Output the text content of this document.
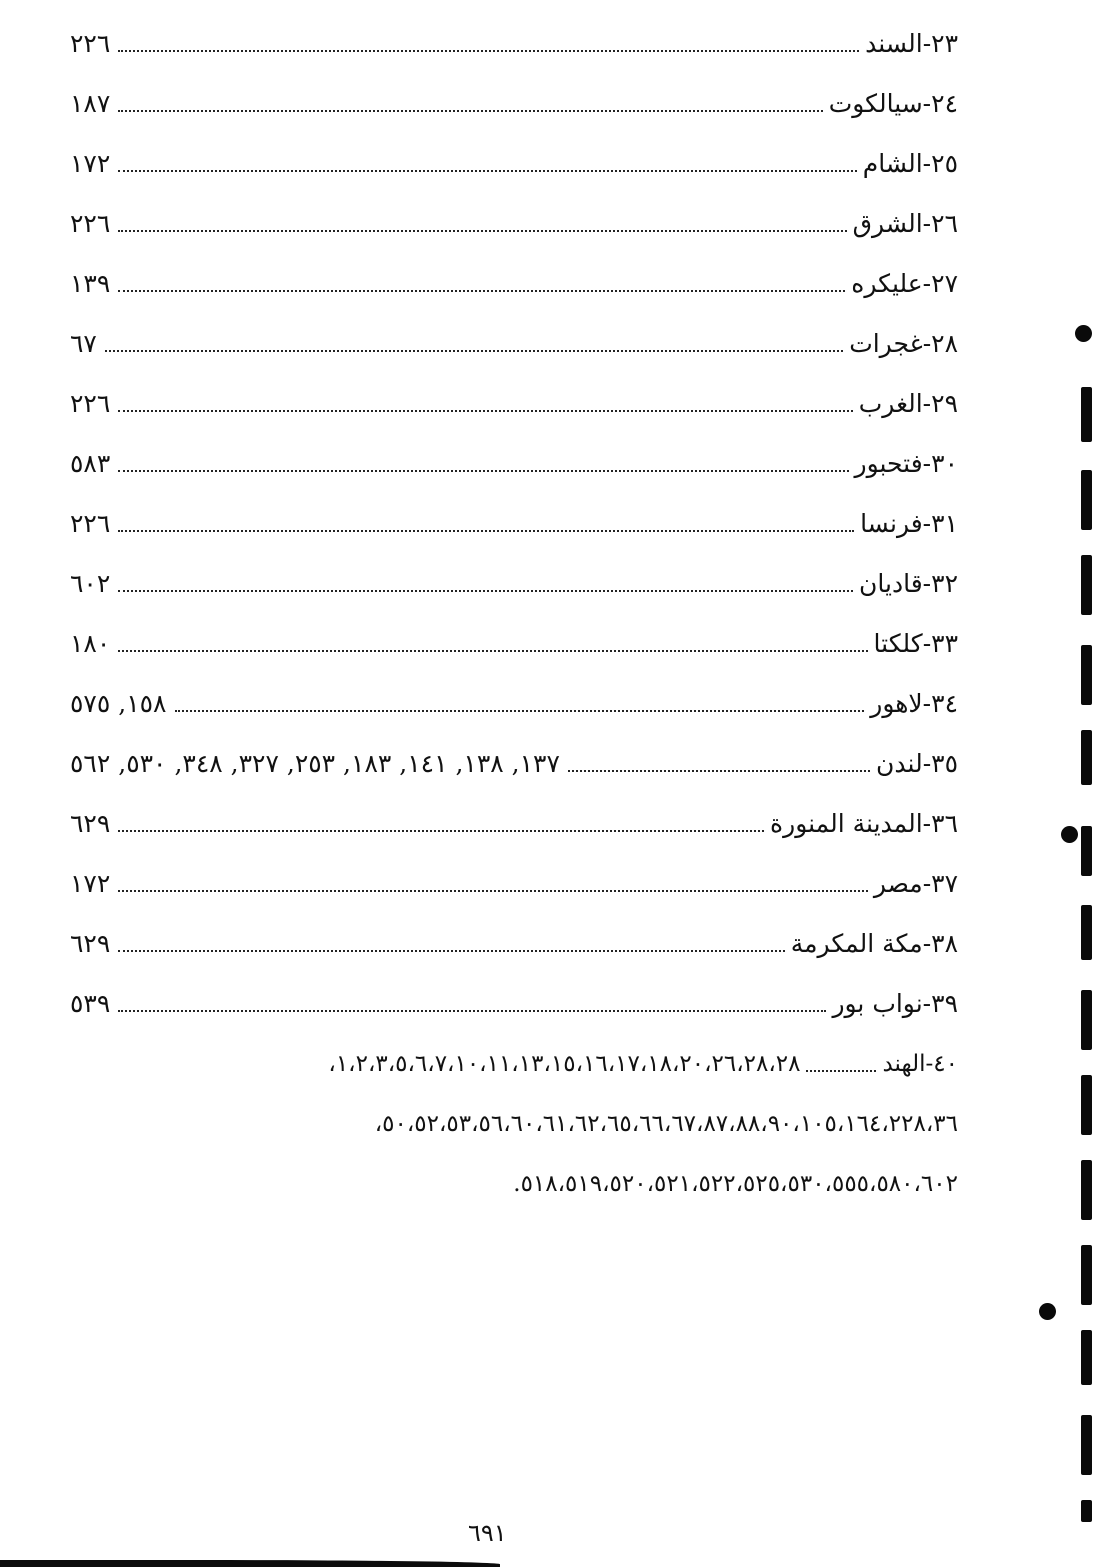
٢٣-السند
٢٢٦
٢٤-سيالكوت
١٨٧
٢٥-الشام
١٧٢
٢٦-الشرق
٢٢٦
٢٧-عليكره
١٣٩
٢٨-غجرات
٦٧
٢٩-الغرب
٢٢٦
٣٠-فتحبور
٥٨٣
٣١-فرنسا
٢٢٦
٣٢-قاديان
٦٠٢
٣٣-كلكتا
١٨٠
٣٤-لاهور
١٥٨, ٥٧٥
٣٥-لندن
١٣٧, ١٣٨, ١٤١, ١٨٣, ٢٥٣, ٣٢٧, ٣٤٨, ٥٣٠, ٥٦٢
٣٦-المدينة المنورة
٦٢٩
٣٧-مصر
١٧٢
٣٨-مكة المكرمة
٦٢٩
٣٩-نواب بور
٥٣٩
٤٠-الهند
١،٢،٣،٥،٦،٧،١٠،١١،١٣،١٥،١٦،١٧،١٨،٢٠،٢٦،٢٨،٢٨،
٥٠،٥٢،٥٣،٥٦،٦٠،٦١،٦٢،٦٥،٦٦،٦٧،٨٧،٨٨،٩٠،١٠٥،١٦٤،٢٢٨،٣٦،
٥١٨،٥١٩،٥٢٠،٥٢١،٥٢٢،٥٢٥،٥٣٠،٥٥٥،٥٨٠،٦٠٢.
٦٩١
